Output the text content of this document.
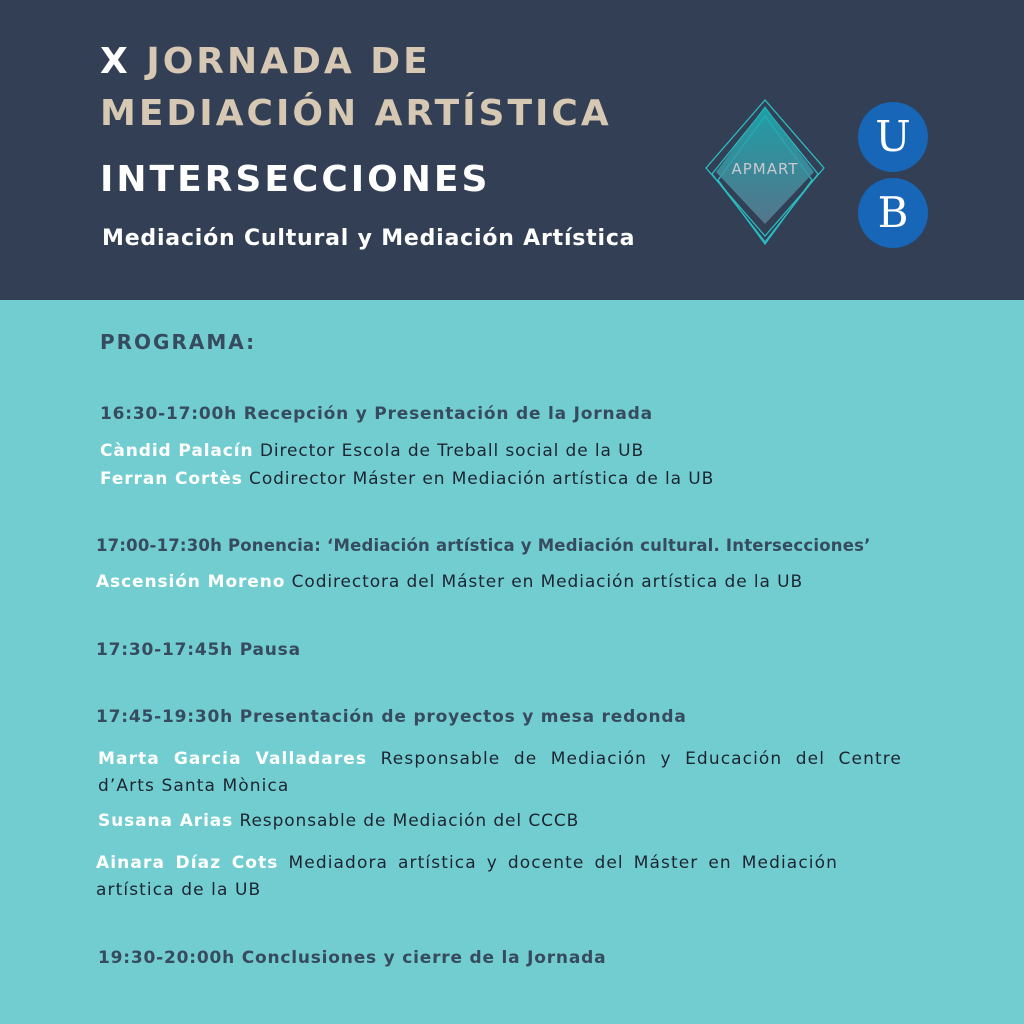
X JORNADA DE
MEDIACIÓN ARTÍSTICA
INTERSECCIONES
Mediación Cultural y Mediación Artística
APMART
U
B
PROGRAMA:
16:30-17:00h Recepción y Presentación de la Jornada
Càndid Palacín Director Escola de Treball social de la UB
Ferran Cortès Codirector Máster en Mediación artística de la UB
17:00-17:30h Ponencia: ‘Mediación artística y Mediación cultural. Intersecciones’
Ascensión Moreno Codirectora del Máster en Mediación artística de la UB
17:30-17:45h Pausa
17:45-19:30h Presentación de proyectos y mesa redonda
Marta Garcia Valladares Responsable de Mediación y Educación del Centre d’Arts Santa Mònica
Susana Arias Responsable de Mediación del CCCB
Ainara Díaz Cots Mediadora artística y docente del Máster en Mediación artística de la UB
19:30-20:00h Conclusiones y cierre de la Jornada
